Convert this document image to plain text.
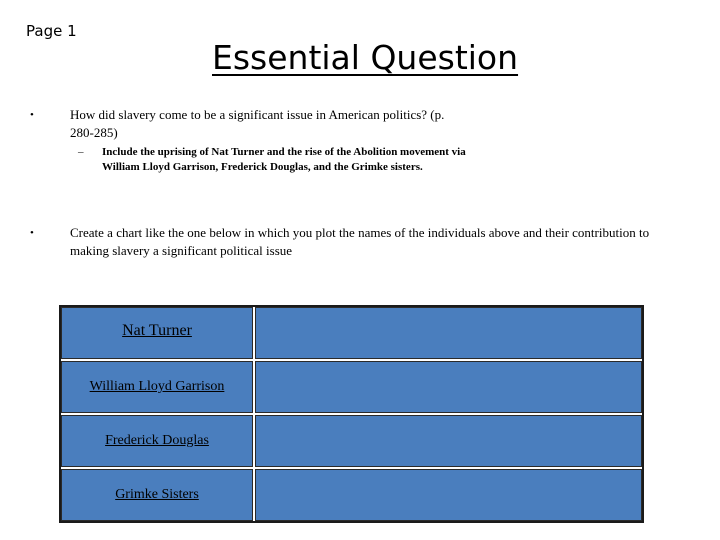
Page 1
Essential Question
•	How did slavery come to be a significant issue in American politics? (p. 280-285)
– Include the uprising of Nat Turner and the rise of the Abolition movement via William Lloyd Garrison, Frederick Douglas, and the Grimke sisters.
•	Create a chart like the one below in which you plot the names of the individuals above and their contribution to making slavery a significant political issue
Nat Turner
William Lloyd Garrison
Frederick Douglas
Grimke Sisters
